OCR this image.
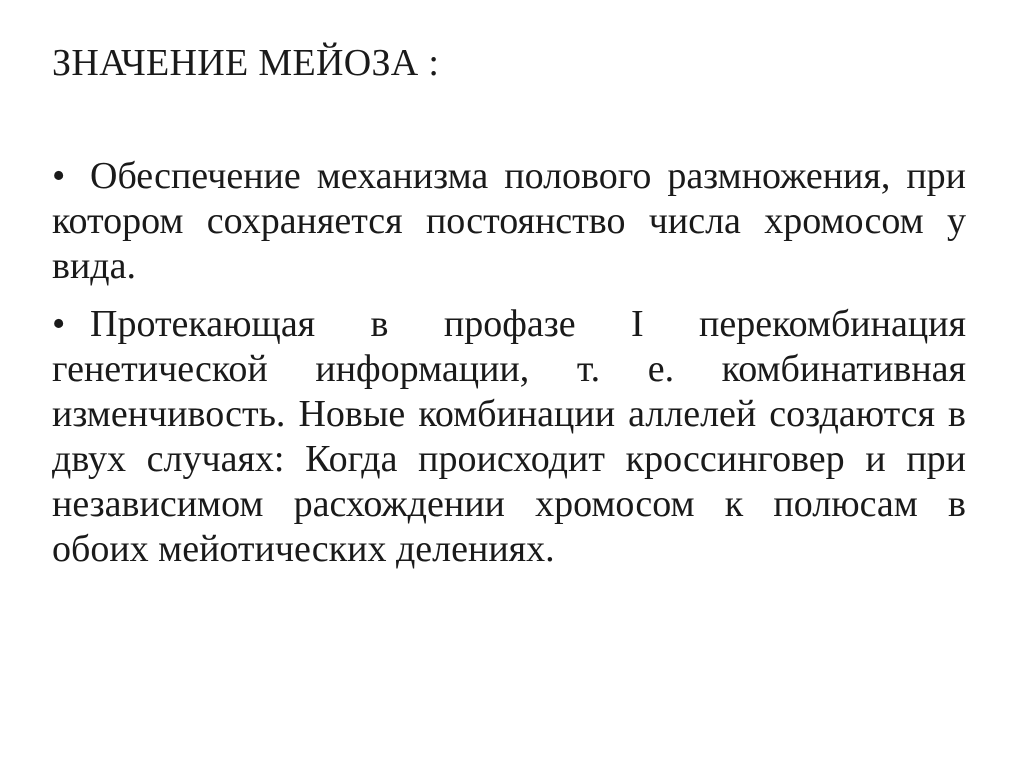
ЗНАЧЕНИЕ МЕЙОЗА :
• Обеспечение механизма полового размножения, при котором сохраняется постоянство числа хромосом у вида.
• Протекающая в профазе I перекомбинация генетической информации, т. е. комбинативная изменчивость. Новые комбинации аллелей создаются в двух случаях: Когда происходит кроссинговер и при независимом расхождении хромосом к полюсам в обоих мейотических делениях.
